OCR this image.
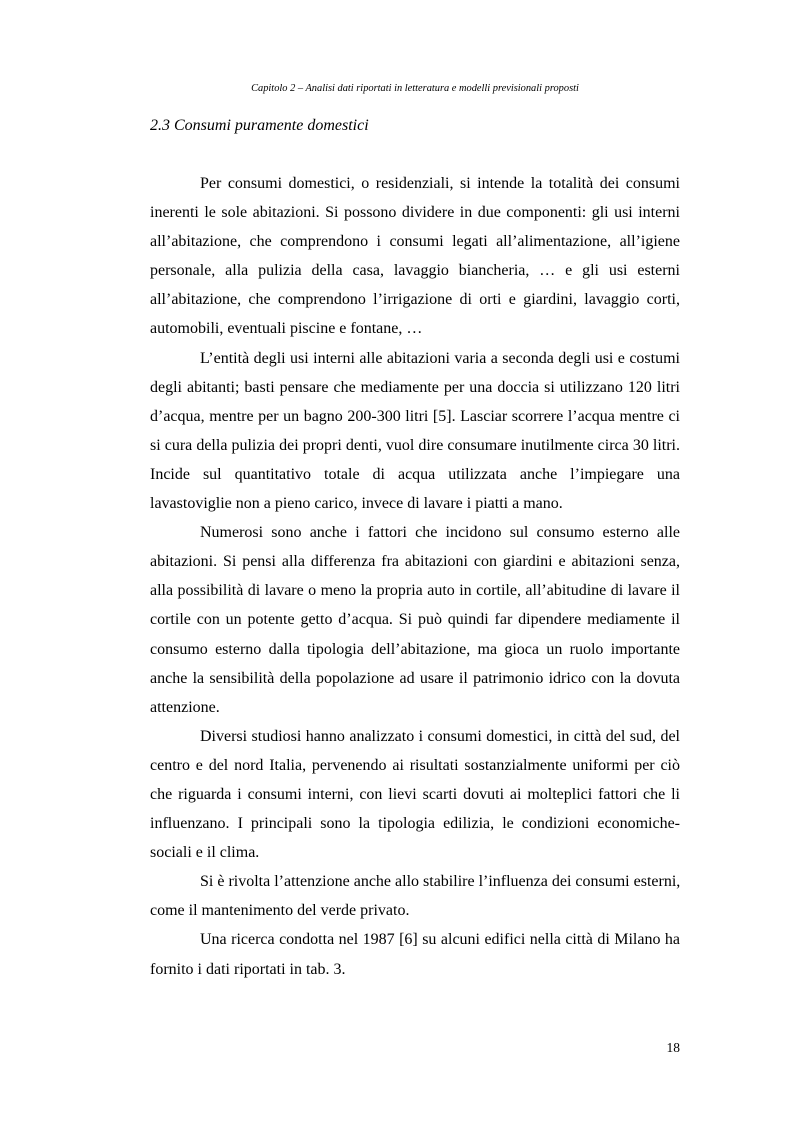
Capitolo 2 – Analisi dati riportati in letteratura e modelli previsionali proposti
2.3 Consumi puramente domestici

Per consumi domestici, o residenziali, si intende la totalità dei consumi
inerenti le sole abitazioni. Si possono dividere in due componenti: gli usi interni
all’abitazione, che comprendono i consumi legati all’alimentazione, all’igiene
personale, alla pulizia della casa, lavaggio biancheria, … e gli usi esterni
all’abitazione, che comprendono l’irrigazione di orti e giardini, lavaggio corti,
automobili, eventuali piscine e fontane, …

L’entità degli usi interni alle abitazioni varia a seconda degli usi e costumi
degli abitanti; basti pensare che mediamente per una doccia si utilizzano 120 litri
d’acqua, mentre per un bagno 200-300 litri [5]. Lasciar scorrere l’acqua mentre ci
si cura della pulizia dei propri denti, vuol dire consumare inutilmente circa 30 litri.
Incide sul quantitativo totale di acqua utilizzata anche l’impiegare una
lavastoviglie non a pieno carico, invece di lavare i piatti a mano.

Numerosi sono anche i fattori che incidono sul consumo esterno alle
abitazioni. Si pensi alla differenza fra abitazioni con giardini e abitazioni senza,
alla possibilità di lavare o meno la propria auto in cortile, all’abitudine di lavare il
cortile con un potente getto d’acqua. Si può quindi far dipendere mediamente il
consumo esterno dalla tipologia dell’abitazione, ma gioca un ruolo importante
anche la sensibilità della popolazione ad usare il patrimonio idrico con la dovuta
attenzione.

Diversi studiosi hanno analizzato i consumi domestici, in città del sud, del
centro e del nord Italia, pervenendo ai risultati sostanzialmente uniformi per ciò
che riguarda i consumi interni, con lievi scarti dovuti ai molteplici fattori che li
influenzano. I principali sono la tipologia edilizia, le condizioni economiche-
sociali e il clima.

Si è rivolta l’attenzione anche allo stabilire l’influenza dei consumi esterni,
come il mantenimento del verde privato.

Una ricerca condotta nel 1987 [6] su alcuni edifici nella città di Milano ha
fornito i dati riportati in tab. 3.

18
